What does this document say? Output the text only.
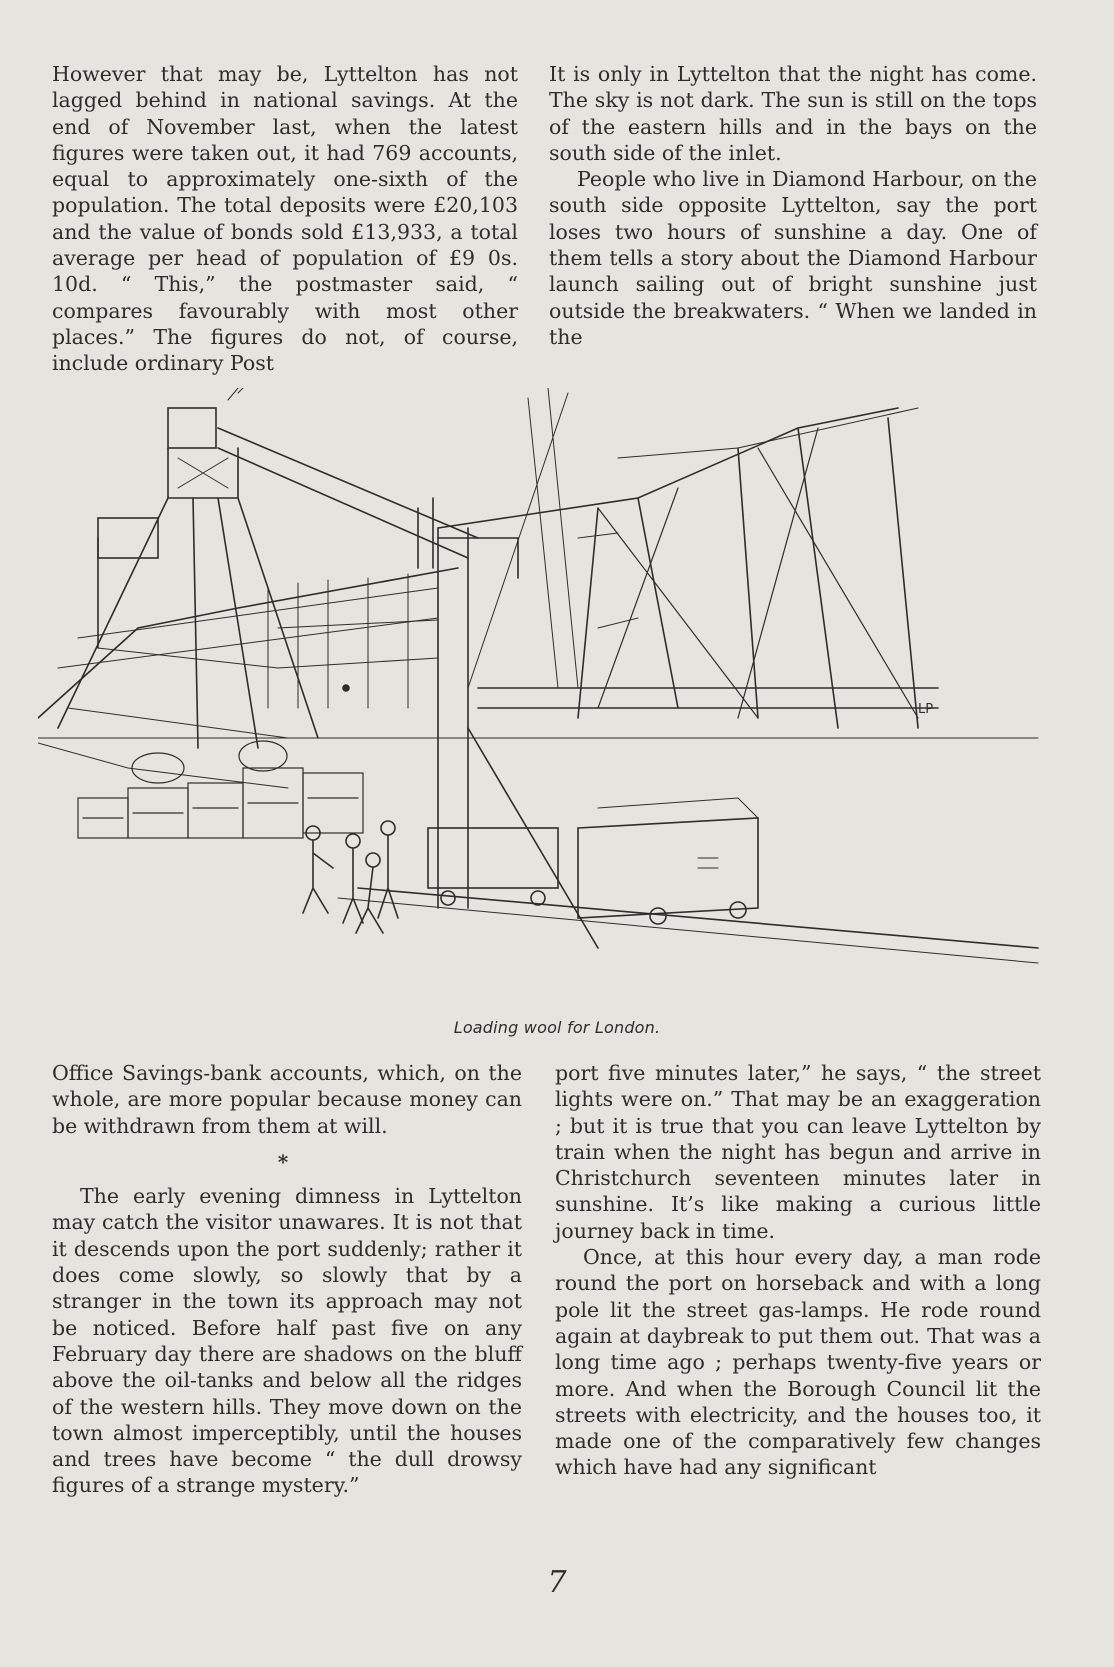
However that may be, Lyttelton has not lagged behind in national savings. At the end of November last, when the latest figures were taken out, it had 769 accounts, equal to approximately one-sixth of the population. The total deposits were £20,103 and the value of bonds sold £13,933, a total average per head of population of £9 0s. 10d. “ This,” the postmaster said, “ compares favourably with most other places.” The figures do not, of course, include ordinary Post

It is only in Lyttelton that the night has come. The sky is not dark. The sun is still on the tops of the eastern hills and in the bays on the south side of the inlet.

People who live in Diamond Harbour, on the south side opposite Lyttelton, say the port loses two hours of sunshine a day. One of them tells a story about the Diamond Harbour launch sailing out of bright sunshine just outside the breakwaters. “ When we landed in the

LP
Loading wool for London.

Office Savings-bank accounts, which, on the whole, are more popular because money can be withdrawn from them at will.

*

The early evening dimness in Lyttelton may catch the visitor unawares. It is not that it descends upon the port suddenly; rather it does come slowly, so slowly that by a stranger in the town its approach may not be noticed. Before half past five on any February day there are shadows on the bluff above the oil-tanks and below all the ridges of the western hills. They move down on the town almost imperceptibly, until the houses and trees have become “ the dull drowsy figures of a strange mystery.”

port five minutes later,” he says, “ the street lights were on.” That may be an exaggeration ; but it is true that you can leave Lyttelton by train when the night has begun and arrive in Christchurch seventeen minutes later in sunshine. It’s like making a curious little journey back in time.

Once, at this hour every day, a man rode round the port on horseback and with a long pole lit the street gas-lamps. He rode round again at daybreak to put them out. That was a long time ago ; perhaps twenty-five years or more. And when the Borough Council lit the streets with electricity, and the houses too, it made one of the comparatively few changes which have had any significant

7
